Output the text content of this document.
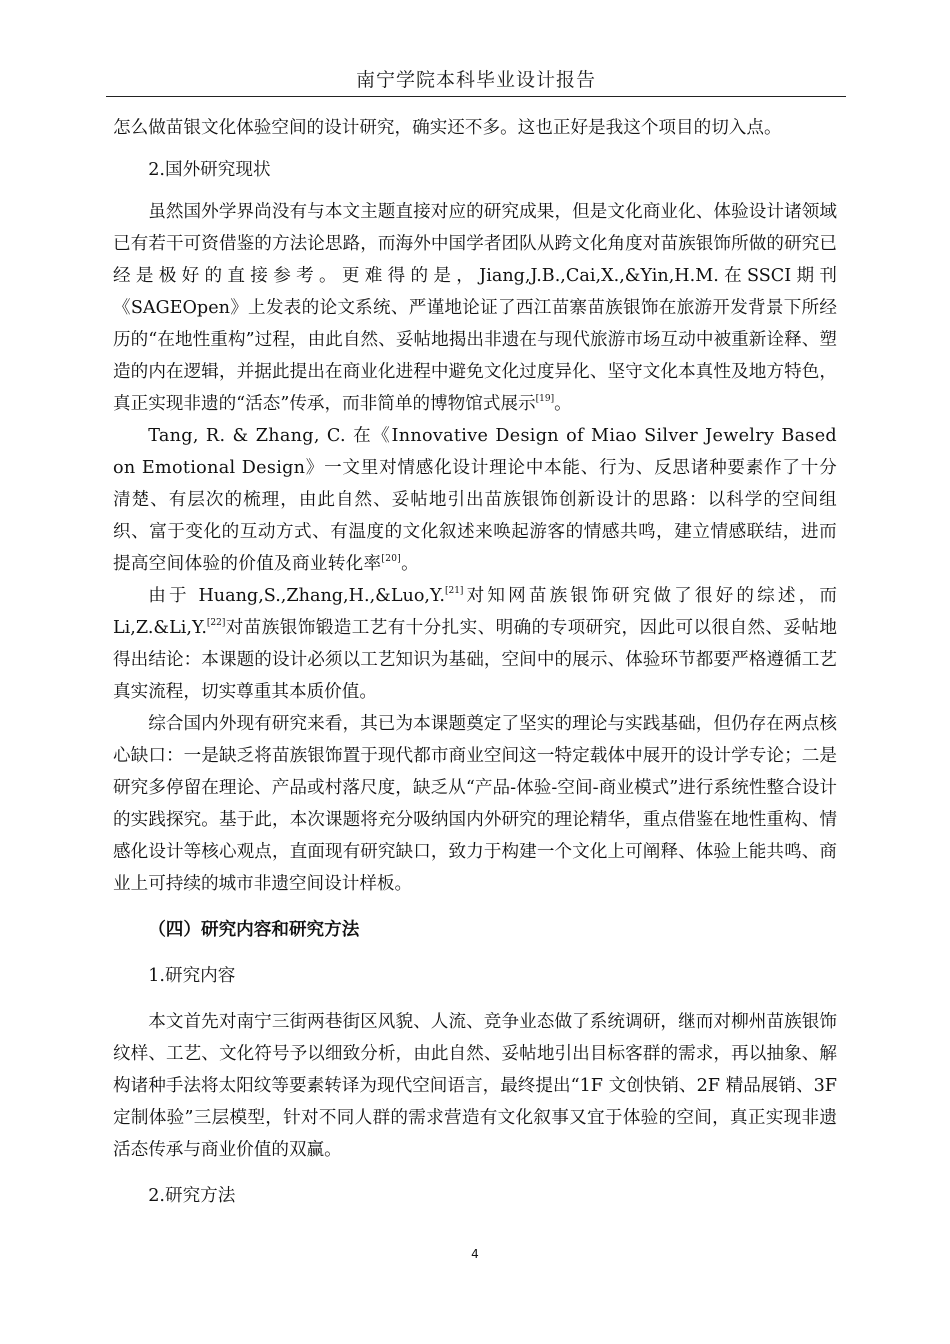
南宁学院本科毕业设计报告

怎么做苗银文化体验空间的设计研究，确实还不多。这也正好是我这个项目的切入点。

2.国外研究现状

虽然国外学界尚没有与本文主题直接对应的研究成果，但是文化商业化、体验设计诸领域已有若干可资借鉴的方法论思路，而海外中国学者团队从跨文化角度对苗族银饰所做的研究已经是极好的直接参考。更难得的是，Jiang,J.B.,Cai,X.,&Yin,H.M.在SSCI期刊《SAGEOpen》上发表的论文系统、严谨地论证了西江苗寨苗族银饰在旅游开发背景下所经历的“在地性重构”过程，由此自然、妥帖地揭出非遗在与现代旅游市场互动中被重新诠释、塑造的内在逻辑，并据此提出在商业化进程中避免文化过度异化、坚守文化本真性及地方特色，真正实现非遗的“活态”传承，而非简单的博物馆式展示[19]。

Tang, R. & Zhang, C. 在《Innovative Design of Miao Silver Jewelry Based on Emotional Design》一文里对情感化设计理论中本能、行为、反思诸种要素作了十分清楚、有层次的梳理，由此自然、妥帖地引出苗族银饰创新设计的思路：以科学的空间组织、富于变化的互动方式、有温度的文化叙述来唤起游客的情感共鸣，建立情感联结，进而提高空间体验的价值及商业转化率[20]。

由于 Huang,S.,Zhang,H.,&Luo,Y.[21]对知网苗族银饰研究做了很好的综述，而Li,Z.&Li,Y.[22]对苗族银饰锻造工艺有十分扎实、明确的专项研究，因此可以很自然、妥帖地得出结论：本课题的设计必须以工艺知识为基础，空间中的展示、体验环节都要严格遵循工艺真实流程，切实尊重其本质价值。

综合国内外现有研究来看，其已为本课题奠定了坚实的理论与实践基础，但仍存在两点核心缺口：一是缺乏将苗族银饰置于现代都市商业空间这一特定载体中展开的设计学专论；二是研究多停留在理论、产品或村落尺度，缺乏从“产品-体验-空间-商业模式”进行系统性整合设计的实践探究。基于此，本次课题将充分吸纳国内外研究的理论精华，重点借鉴在地性重构、情感化设计等核心观点，直面现有研究缺口，致力于构建一个文化上可阐释、体验上能共鸣、商业上可持续的城市非遗空间设计样板。

（四）研究内容和研究方法

1.研究内容

本文首先对南宁三街两巷街区风貌、人流、竞争业态做了系统调研，继而对柳州苗族银饰纹样、工艺、文化符号予以细致分析，由此自然、妥帖地引出目标客群的需求，再以抽象、解构诸种手法将太阳纹等要素转译为现代空间语言，最终提出“1F 文创快销、2F 精品展销、3F 定制体验”三层模型，针对不同人群的需求营造有文化叙事又宜于体验的空间，真正实现非遗活态传承与商业价值的双赢。

2.研究方法

4
